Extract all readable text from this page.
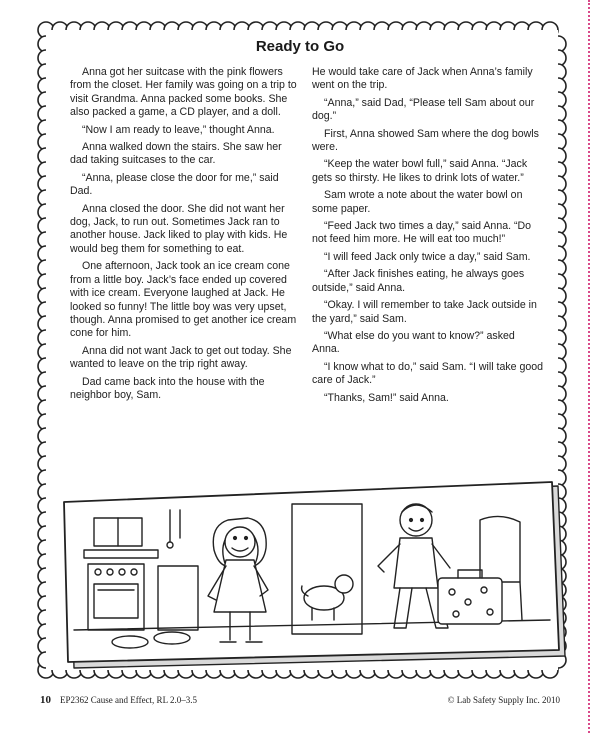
Ready to Go

Anna got her suitcase with the pink flowers from the closet. Her family was going on a trip to visit Grandma. Anna packed some books. She also packed a game, a CD player, and a doll.

“Now I am ready to leave,” thought Anna.

Anna walked down the stairs. She saw her dad taking suitcases to the car.

“Anna, please close the door for me,” said Dad.

Anna closed the door. She did not want her dog, Jack, to run out. Sometimes Jack ran to another house. Jack liked to play with kids. He would beg them for something to eat.

One afternoon, Jack took an ice cream cone from a little boy. Jack’s face ended up covered with ice cream. Everyone laughed at Jack. He looked so funny! The little boy was very upset, though. Anna promised to get another ice cream cone for him.

Anna did not want Jack to get out today. She wanted to leave on the trip right away.

Dad came back into the house with the neighbor boy, Sam.

He would take care of Jack when Anna’s family went on the trip.

“Anna,” said Dad, “Please tell Sam about our dog.”

First, Anna showed Sam where the dog bowls were.

“Keep the water bowl full,” said Anna. “Jack gets so thirsty. He likes to drink lots of water.”

Sam wrote a note about the water bowl on some paper.

“Feed Jack two times a day,” said Anna. “Do not feed him more. He will eat too much!”

“I will feed Jack only twice a day,” said Sam.

“After Jack finishes eating, he always goes outside,” said Anna.

“Okay. I will remember to take Jack outside in the yard,” said Sam.

“What else do you want to know?” asked Anna.

“I know what to do,” said Sam. “I will take good care of Jack.”

“Thanks, Sam!” said Anna.

10 EP2362 Cause and Effect, RL 2.0–3.5	© Lab Safety Supply Inc. 2010
